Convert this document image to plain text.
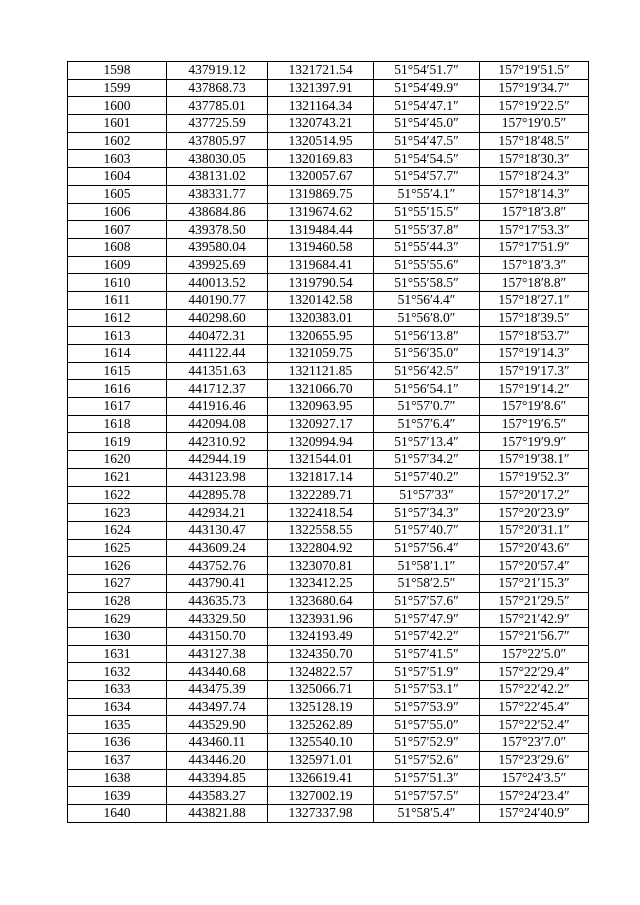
1598	437919.12	1321721.54	51°54′51.7″	157°19′51.5″
1599	437868.73	1321397.91	51°54′49.9″	157°19′34.7″
1600	437785.01	1321164.34	51°54′47.1″	157°19′22.5″
1601	437725.59	1320743.21	51°54′45.0″	157°19′0.5″
1602	437805.97	1320514.95	51°54′47.5″	157°18′48.5″
1603	438030.05	1320169.83	51°54′54.5″	157°18′30.3″
1604	438131.02	1320057.67	51°54′57.7″	157°18′24.3″
1605	438331.77	1319869.75	51°55′4.1″	157°18′14.3″
1606	438684.86	1319674.62	51°55′15.5″	157°18′3.8″
1607	439378.50	1319484.44	51°55′37.8″	157°17′53.3″
1608	439580.04	1319460.58	51°55′44.3″	157°17′51.9″
1609	439925.69	1319684.41	51°55′55.6″	157°18′3.3″
1610	440013.52	1319790.54	51°55′58.5″	157°18′8.8″
1611	440190.77	1320142.58	51°56′4.4″	157°18′27.1″
1612	440298.60	1320383.01	51°56′8.0″	157°18′39.5″
1613	440472.31	1320655.95	51°56′13.8″	157°18′53.7″
1614	441122.44	1321059.75	51°56′35.0″	157°19′14.3″
1615	441351.63	1321121.85	51°56′42.5″	157°19′17.3″
1616	441712.37	1321066.70	51°56′54.1″	157°19′14.2″
1617	441916.46	1320963.95	51°57′0.7″	157°19′8.6″
1618	442094.08	1320927.17	51°57′6.4″	157°19′6.5″
1619	442310.92	1320994.94	51°57′13.4″	157°19′9.9″
1620	442944.19	1321544.01	51°57′34.2″	157°19′38.1″
1621	443123.98	1321817.14	51°57′40.2″	157°19′52.3″
1622	442895.78	1322289.71	51°57′33″	157°20′17.2″
1623	442934.21	1322418.54	51°57′34.3″	157°20′23.9″
1624	443130.47	1322558.55	51°57′40.7″	157°20′31.1″
1625	443609.24	1322804.92	51°57′56.4″	157°20′43.6″
1626	443752.76	1323070.81	51°58′1.1″	157°20′57.4″
1627	443790.41	1323412.25	51°58′2.5″	157°21′15.3″
1628	443635.73	1323680.64	51°57′57.6″	157°21′29.5″
1629	443329.50	1323931.96	51°57′47.9″	157°21′42.9″
1630	443150.70	1324193.49	51°57′42.2″	157°21′56.7″
1631	443127.38	1324350.70	51°57′41.5″	157°22′5.0″
1632	443440.68	1324822.57	51°57′51.9″	157°22′29.4″
1633	443475.39	1325066.71	51°57′53.1″	157°22′42.2″
1634	443497.74	1325128.19	51°57′53.9″	157°22′45.4″
1635	443529.90	1325262.89	51°57′55.0″	157°22′52.4″
1636	443460.11	1325540.10	51°57′52.9″	157°23′7.0″
1637	443446.20	1325971.01	51°57′52.6″	157°23′29.6″
1638	443394.85	1326619.41	51°57′51.3″	157°24′3.5″
1639	443583.27	1327002.19	51°57′57.5″	157°24′23.4″
1640	443821.88	1327337.98	51°58′5.4″	157°24′40.9″
